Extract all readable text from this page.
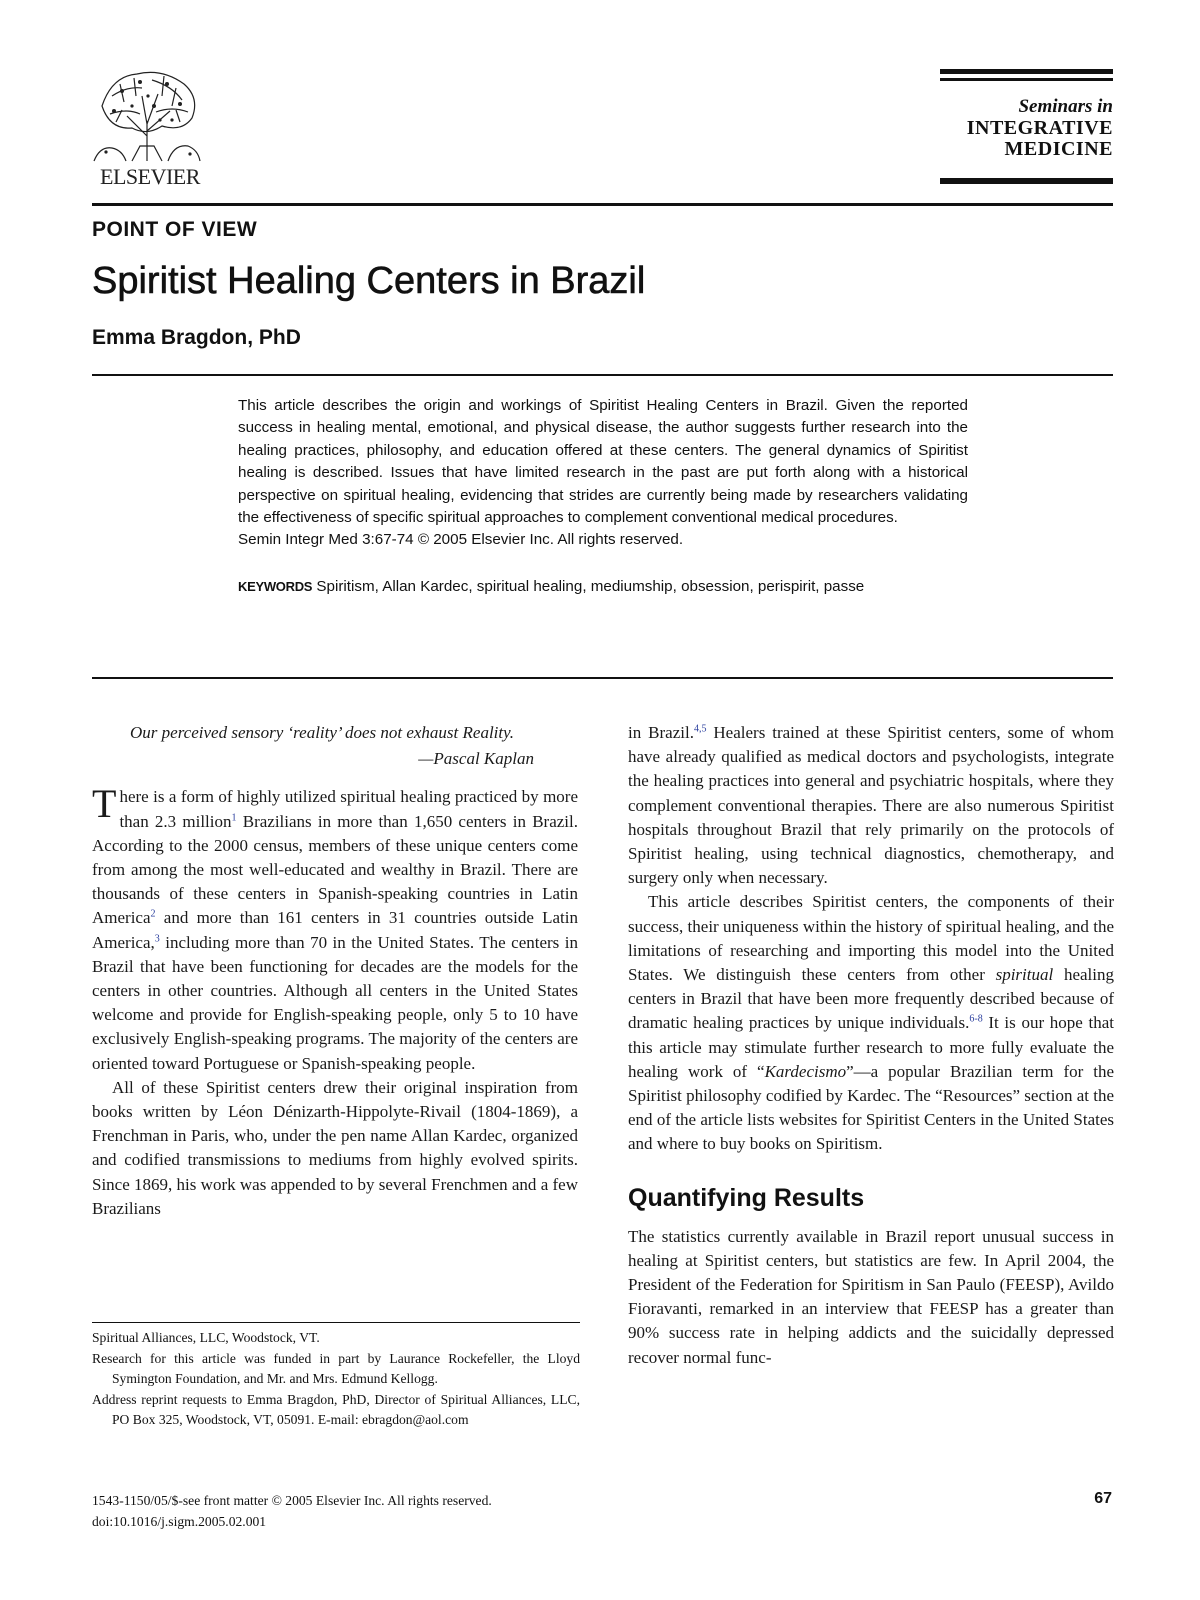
ELSEVIER
Seminars in
INTEGRATIVE
MEDICINE
POINT OF VIEW
Spiritist Healing Centers in Brazil
Emma Bragdon, PhD

This article describes the origin and workings of Spiritist Healing Centers in Brazil. Given the reported success in healing mental, emotional, and physical disease, the author suggests further research into the healing practices, philosophy, and education offered at these centers. The general dynamics of Spiritist healing is described. Issues that have limited research in the past are put forth along with a historical perspective on spiritual healing, evidencing that strides are currently being made by researchers validating the effectiveness of specific spiritual approaches to complement conventional medical procedures.

Semin Integr Med 3:67-74 © 2005 Elsevier Inc. All rights reserved.

KEYWORDS Spiritism, Allan Kardec, spiritual healing, mediumship, obsession, perispirit, passe

Our perceived sensory ‘reality’ does not exhaust Reality.

—Pascal Kaplan

There is a form of highly utilized spiritual healing practiced by more than 2.3 million$^1$ Brazilians in more than 1,650 centers in Brazil. According to the 2000 census, members of these unique centers come from among the most well-educated and wealthy in Brazil. There are thousands of these centers in Spanish-speaking countries in Latin America$^2$ and more than 161 centers in 31 countries outside Latin America,$^3$ including more than 70 in the United States. The centers in Brazil that have been functioning for decades are the models for the centers in other countries. Although all centers in the United States welcome and provide for English-speaking people, only 5 to 10 have exclusively English-speaking programs. The majority of the centers are oriented toward Portuguese or Spanish-speaking people.

All of these Spiritist centers drew their original inspiration from books written by Léon Dénizarth-Hippolyte-Rivail (1804-1869), a Frenchman in Paris, who, under the pen name Allan Kardec, organized and codified transmissions to mediums from highly evolved spirits. Since 1869, his work was appended to by several Frenchmen and a few Brazilians

in Brazil.$^{4,5}$ Healers trained at these Spiritist centers, some of whom have already qualified as medical doctors and psychologists, integrate the healing practices into general and psychiatric hospitals, where they complement conventional therapies. There are also numerous Spiritist hospitals throughout Brazil that rely primarily on the protocols of Spiritist healing, using technical diagnostics, chemotherapy, and surgery only when necessary.

This article describes Spiritist centers, the components of their success, their uniqueness within the history of spiritual healing, and the limitations of researching and importing this model into the United States. We distinguish these centers from other spiritual healing centers in Brazil that have been more frequently described because of dramatic healing practices by unique individuals.$^{6-8}$ It is our hope that this article may stimulate further research to more fully evaluate the healing work of “Kardecismo”—a popular Brazilian term for the Spiritist philosophy codified by Kardec. The “Resources” section at the end of the article lists websites for Spiritist Centers in the United States and where to buy books on Spiritism.

Quantifying Results

The statistics currently available in Brazil report unusual success in healing at Spiritist centers, but statistics are few. In April 2004, the President of the Federation for Spiritism in San Paulo (FEESP), Avildo Fioravanti, remarked in an interview that FEESP has a greater than 90% success rate in helping addicts and the suicidally depressed recover normal func-

Spiritual Alliances, LLC, Woodstock, VT.

Research for this article was funded in part by Laurance Rockefeller, the Lloyd Symington Foundation, and Mr. and Mrs. Edmund Kellogg.

Address reprint requests to Emma Bragdon, PhD, Director of Spiritual Alliances, LLC, PO Box 325, Woodstock, VT, 05091. E-mail: ebragdon@aol.com

1543-1150/05/$-see front matter © 2005 Elsevier Inc. All rights reserved.
doi:10.1016/j.sigm.2005.02.001
67
